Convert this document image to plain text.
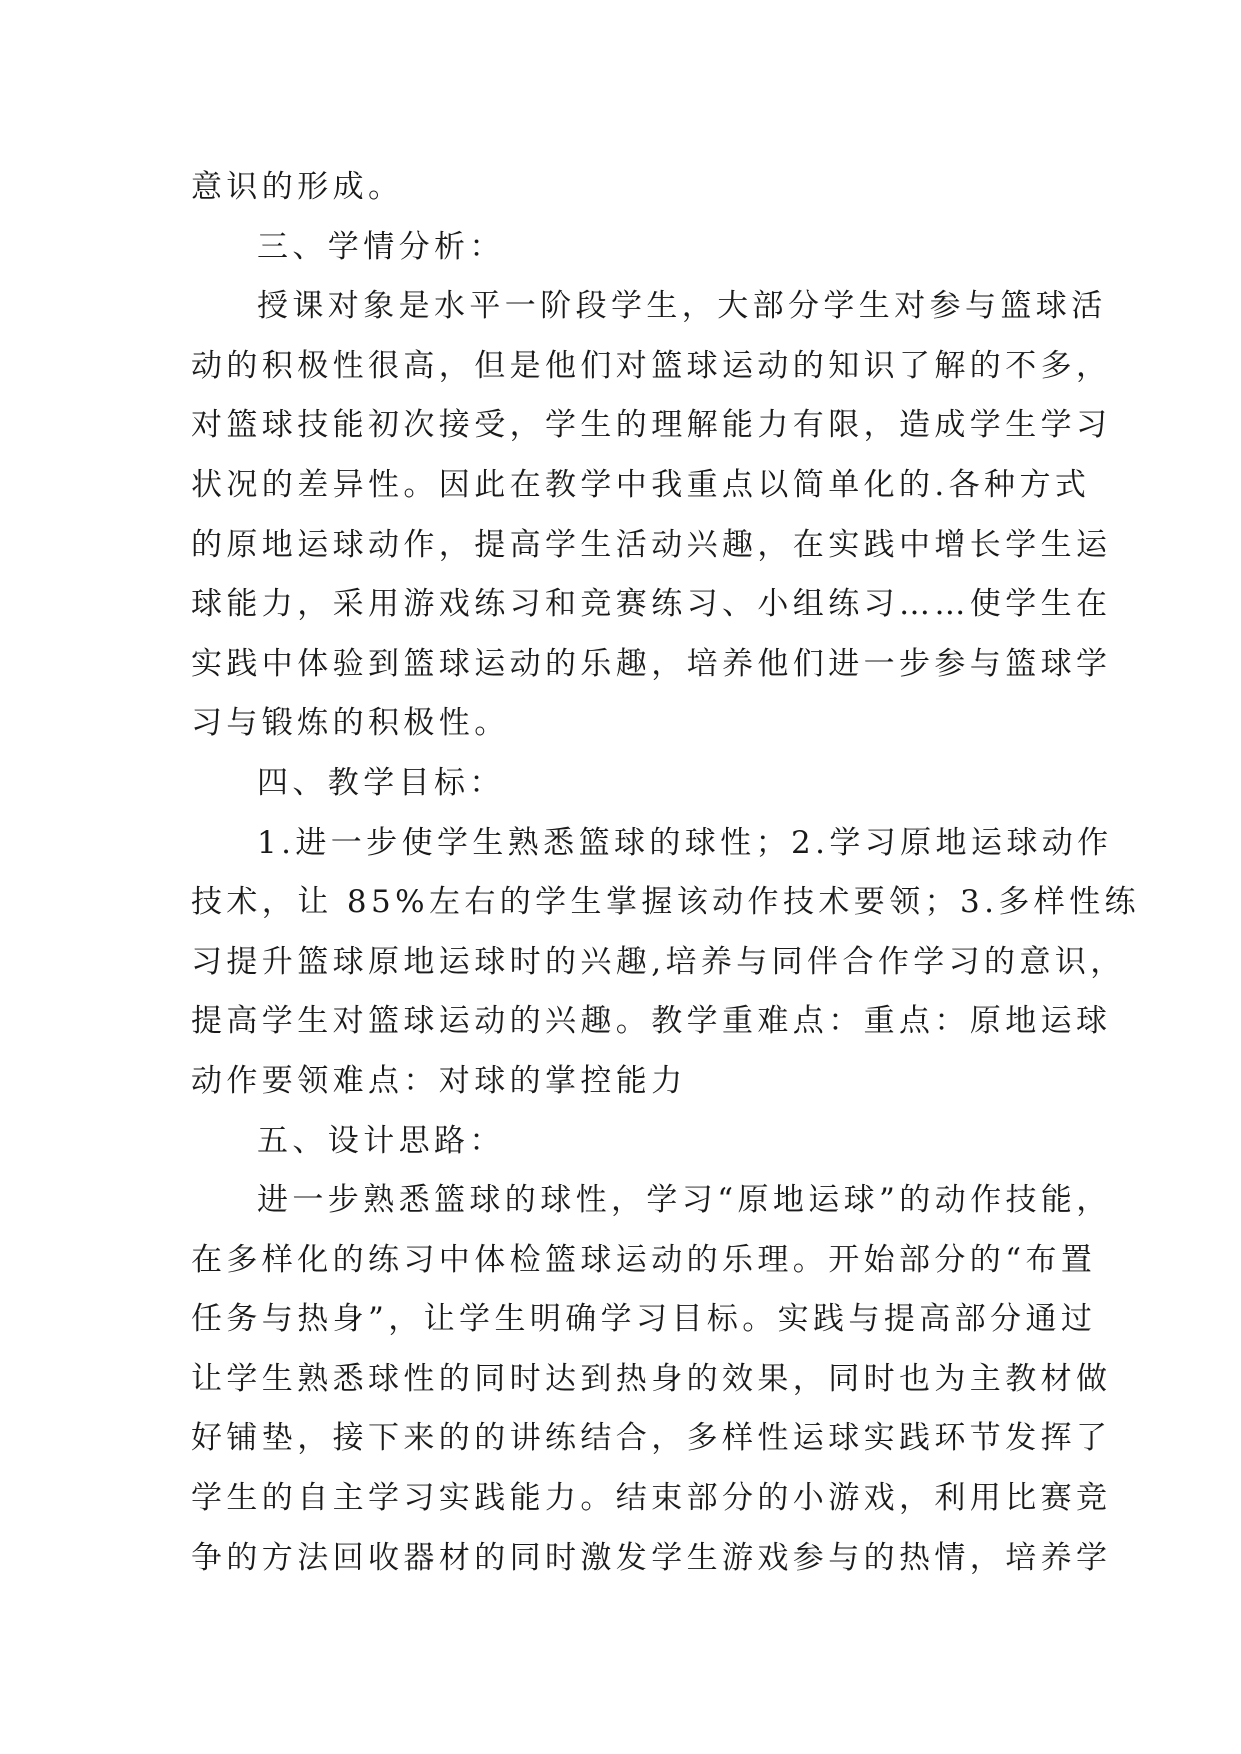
意识的形成。
三、学情分析：
授课对象是水平一阶段学生，大部分学生对参与篮球活
动的积极性很高，但是他们对篮球运动的知识了解的不多，
对篮球技能初次接受，学生的理解能力有限，造成学生学习
状况的差异性。因此在教学中我重点以简单化的.各种方式
的原地运球动作，提高学生活动兴趣，在实践中增长学生运
球能力，采用游戏练习和竞赛练习、小组练习……使学生在
实践中体验到篮球运动的乐趣，培养他们进一步参与篮球学
习与锻炼的积极性。
四、教学目标：
1.进一步使学生熟悉篮球的球性；2.学习原地运球动作
技术，让 85%左右的学生掌握该动作技术要领；3.多样性练
习提升篮球原地运球时的兴趣,培养与同伴合作学习的意识，
提高学生对篮球运动的兴趣。教学重难点：重点：原地运球
动作要领难点：对球的掌控能力
五、设计思路：
进一步熟悉篮球的球性，学习“原地运球”的动作技能，
在多样化的练习中体检篮球运动的乐理。开始部分的“布置
任务与热身”，让学生明确学习目标。实践与提高部分通过
让学生熟悉球性的同时达到热身的效果，同时也为主教材做
好铺垫，接下来的的讲练结合，多样性运球实践环节发挥了
学生的自主学习实践能力。结束部分的小游戏，利用比赛竞
争的方法回收器材的同时激发学生游戏参与的热情，培养学
